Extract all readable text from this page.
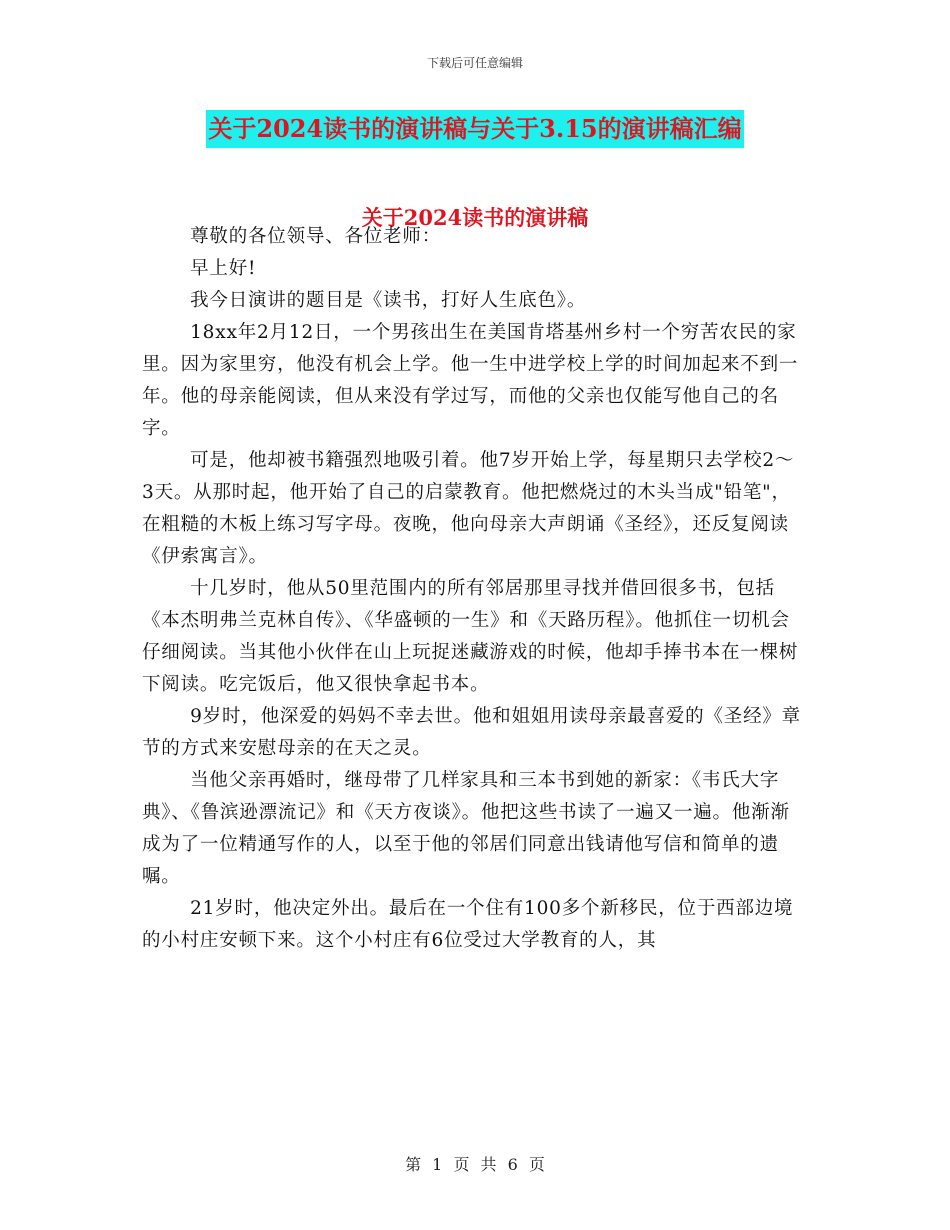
下载后可任意编辑
关于2024读书的演讲稿与关于3.15的演讲稿汇编
关于2024读书的演讲稿

尊敬的各位领导、各位老师：

早上好!

我今日演讲的题目是《读书，打好人生底色》。

18xx年2月12日，一个男孩出生在美国肯塔基州乡村一个穷苦农民的家里。因为家里穷，他没有机会上学。他一生中进学校上学的时间加起来不到一年。他的母亲能阅读，但从来没有学过写，而他的父亲也仅能写他自己的名字。

可是，他却被书籍强烈地吸引着。他7岁开始上学，每星期只去学校2～3天。从那时起，他开始了自己的启蒙教育。他把燃烧过的木头当成"铅笔"，在粗糙的木板上练习写字母。夜晚，他向母亲大声朗诵《圣经》，还反复阅读《伊索寓言》。

十几岁时，他从50里范围内的所有邻居那里寻找并借回很多书，包括《本杰明弗兰克林自传》、《华盛顿的一生》和《天路历程》。他抓住一切机会仔细阅读。当其他小伙伴在山上玩捉迷藏游戏的时候，他却手捧书本在一棵树下阅读。吃完饭后，他又很快拿起书本。

9岁时，他深爱的妈妈不幸去世。他和姐姐用读母亲最喜爱的《圣经》章节的方式来安慰母亲的在天之灵。

当他父亲再婚时，继母带了几样家具和三本书到她的新家：《韦氏大字典》、《鲁滨逊漂流记》和《天方夜谈》。他把这些书读了一遍又一遍。他渐渐成为了一位精通写作的人，以至于他的邻居们同意出钱请他写信和简单的遗嘱。

21岁时，他决定外出。最后在一个住有100多个新移民，位于西部边境的小村庄安顿下来。这个小村庄有6位受过大学教育的人，其

第 1 页 共 6 页
